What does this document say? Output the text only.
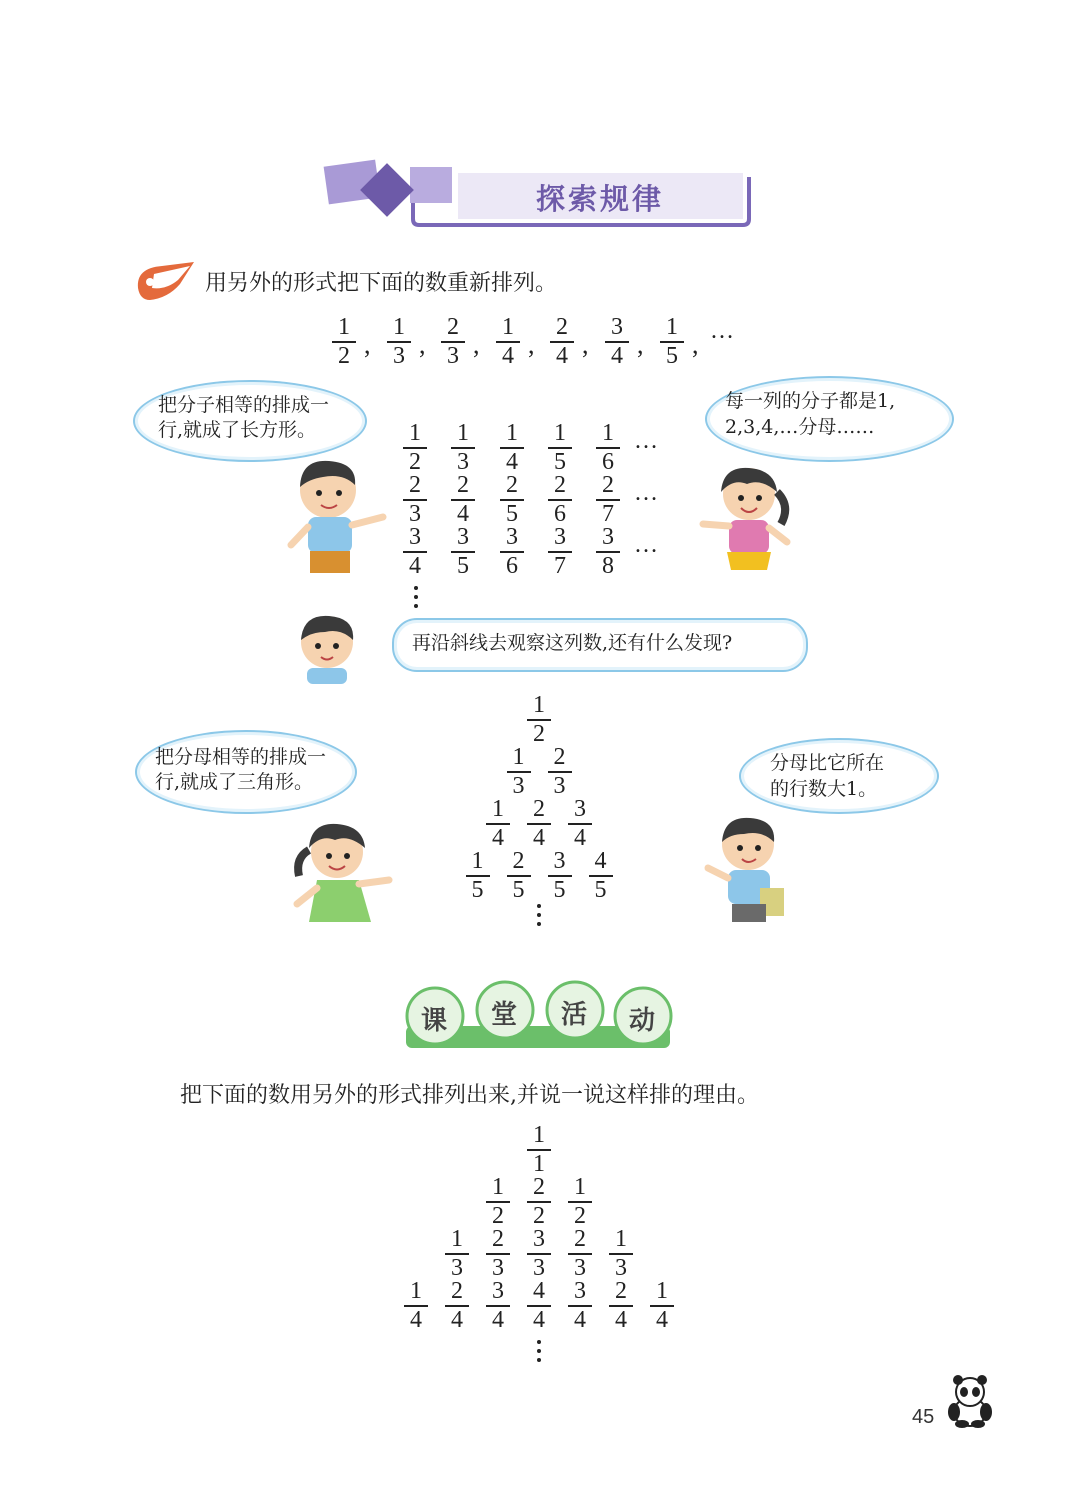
探索规律
用另外的形式把下面的数重新排列。
1
2 ,
1
3 ,
2
3 ,
1
4 ,
2
4 ,
3
4 ,
1
5 , …
把分子相等的排成一
行,就成了长方形。
每一列的分子都是1,
2,3,4,…分母……
1
2
1
3
1
4
1
5
1
6
2
3
2
4
2
5
2
6
2
7
3
4
3
5
3
6
3
7
3
8
…
…
…
再沿斜线去观察这列数,还有什么发现?
把分母相等的排成一
行,就成了三角形。
分母比它所在
的行数大1。
1
2
1
3
2
3
1
4
2
4
3
4
1
5
2
5
3
5
4
5
课 堂 活 动
把下面的数用另外的形式排列出来,并说一说这样排的理由。
1
1
1
2
2
2
1
2
1
3
2
3
3
3
2
3
1
3
1
4
2
4
3
4
4
4
3
4
2
4
1
4
45
